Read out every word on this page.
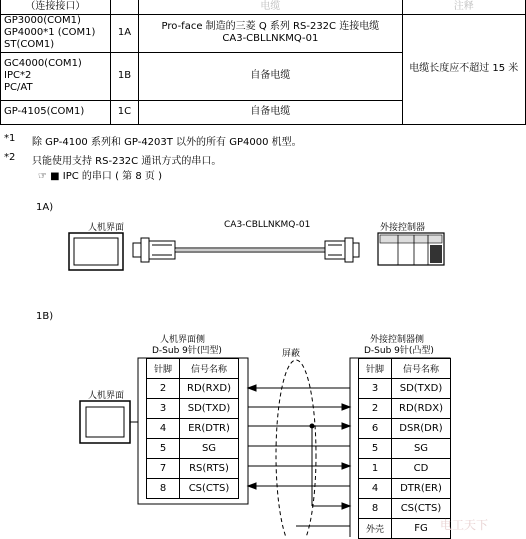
（连接接口）		电缆	注释

GP3000(COM1)
GP4000*1 (COM1)
ST(COM1)	1A	Pro-face 制造的三菱 Q 系列 RS-232C 连接电缆 CA3-CBLLNKMQ-01	电缆长度应不超过 15 米

GC4000(COM1)
IPC*2
PC/AT	1B	自备电缆	
GP-4105(COM1)	1C	自备电缆	
*1 除 GP-4100 系列和 GP-4203T 以外的所有 GP4000 机型。
*2 只能使用支持 RS-232C 通讯方式的串口。
☞ ■ IPC 的串口 ( 第 8 页 )
1A)
人机界面	CA3-CBLLNKMQ-01	外接控制器
1B)
人机界面侧
D-Sub 9针(凹型)	屏蔽
外接控制器侧
D-Sub 9针(凸型)
人机界面
针脚	信号名称
2	RD(RXD)
3	SD(TXD)
4	ER(DTR)
5	SG
7	RS(RTS)
8	CS(CTS)
针脚	信号名称
3	SD(TXD)
2	RD(RDX)
6	DSR(DR)
5	SG
1	CD
4	DTR(ER)
8	CS(CTS)
外壳	FG 电工天下
